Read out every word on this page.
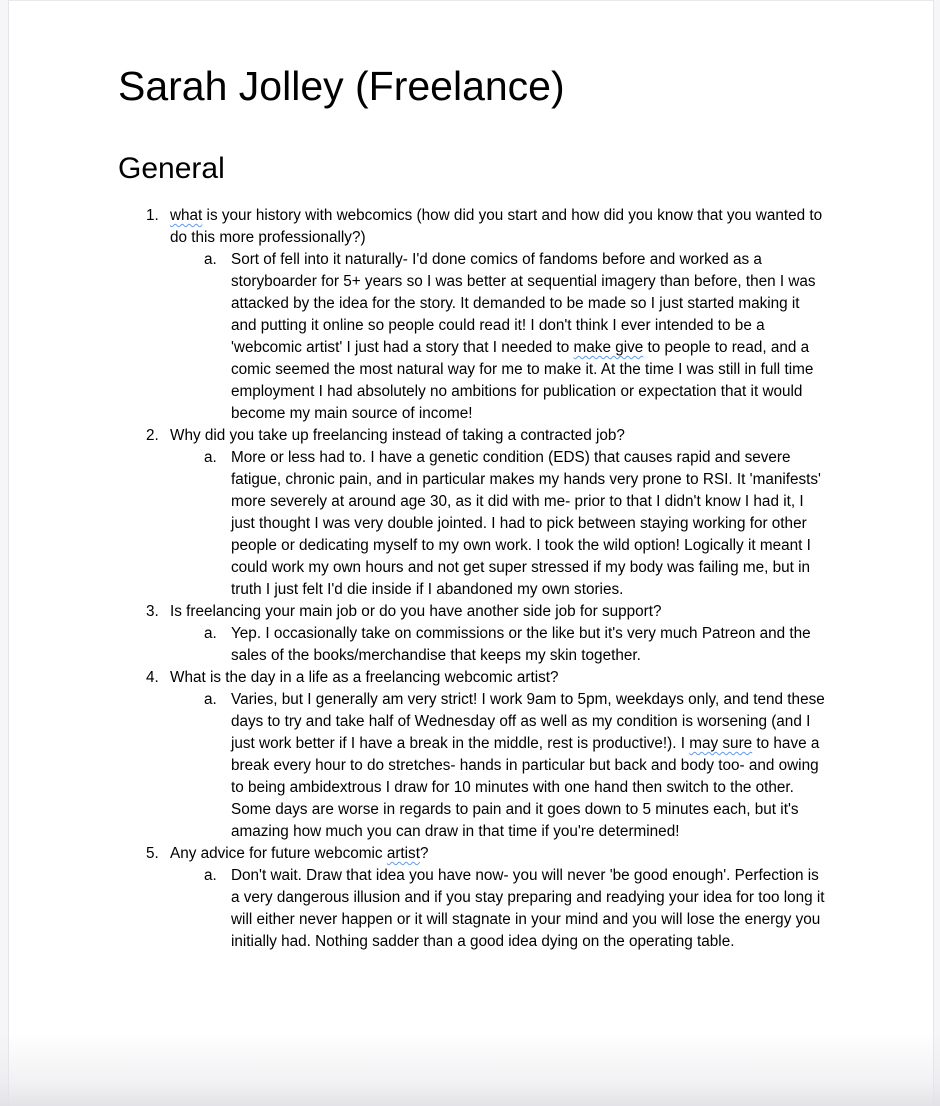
Sarah Jolley (Freelance)
General
1. what is your history with webcomics (how did you start and how did you know that you wanted to do this more professionally?)
a. Sort of fell into it naturally- I'd done comics of fandoms before and worked as a storyboarder for 5+ years so I was better at sequential imagery than before, then I was attacked by the idea for the story. It demanded to be made so I just started making it and putting it online so people could read it! I don't think I ever intended to be a 'webcomic artist' I just had a story that I needed to make give to people to read, and a comic seemed the most natural way for me to make it. At the time I was still in full time employment I had absolutely no ambitions for publication or expectation that it would become my main source of income!
2. Why did you take up freelancing instead of taking a contracted job?
a. More or less had to. I have a genetic condition (EDS) that causes rapid and severe fatigue, chronic pain, and in particular makes my hands very prone to RSI. It 'manifests' more severely at around age 30, as it did with me- prior to that I didn't know I had it, I just thought I was very double jointed. I had to pick between staying working for other people or dedicating myself to my own work. I took the wild option! Logically it meant I could work my own hours and not get super stressed if my body was failing me, but in truth I just felt I'd die inside if I abandoned my own stories.
3. Is freelancing your main job or do you have another side job for support?
a. Yep. I occasionally take on commissions or the like but it's very much Patreon and the sales of the books/merchandise that keeps my skin together.
4. What is the day in a life as a freelancing webcomic artist?
a. Varies, but I generally am very strict! I work 9am to 5pm, weekdays only, and tend these days to try and take half of Wednesday off as well as my condition is worsening (and I just work better if I have a break in the middle, rest is productive!). I may sure to have a break every hour to do stretches- hands in particular but back and body too- and owing to being ambidextrous I draw for 10 minutes with one hand then switch to the other. Some days are worse in regards to pain and it goes down to 5 minutes each, but it's amazing how much you can draw in that time if you're determined!
5. Any advice for future webcomic artist?
a. Don't wait. Draw that idea you have now- you will never 'be good enough'. Perfection is a very dangerous illusion and if you stay preparing and readying your idea for too long it will either never happen or it will stagnate in your mind and you will lose the energy you initially had. Nothing sadder than a good idea dying on the operating table.
